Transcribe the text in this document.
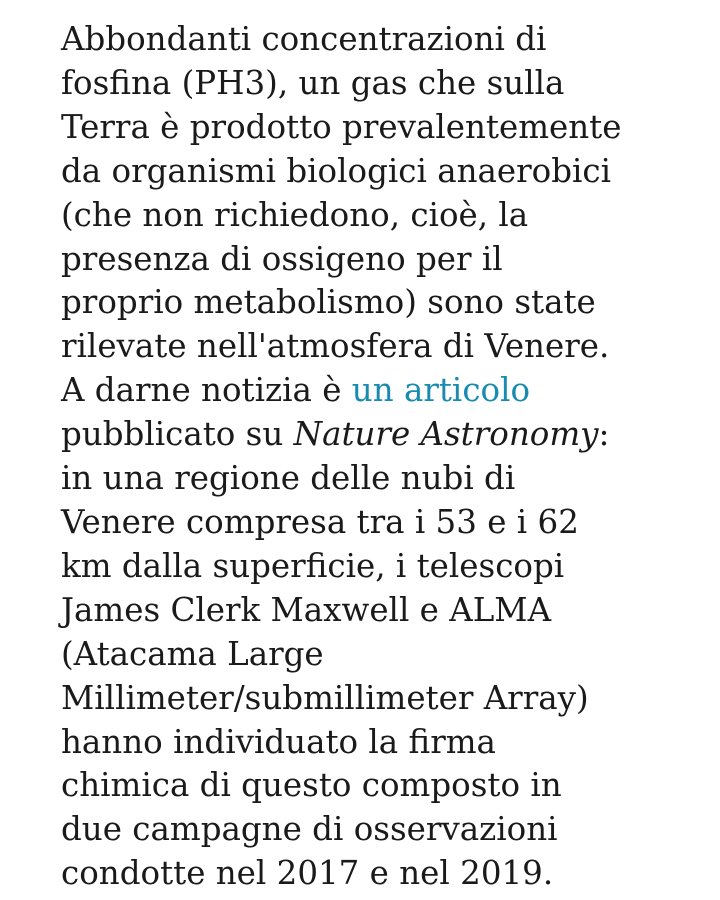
Abbondanti concentrazioni di
fosfina (PH3), un gas che sulla
Terra è prodotto prevalentemente
da organismi biologici anaerobici
(che non richiedono, cioè, la
presenza di ossigeno per il
proprio metabolismo) sono state
rilevate nell'atmosfera di Venere.
A darne notizia è un articolo
pubblicato su Nature Astronomy:
in una regione delle nubi di
Venere compresa tra i 53 e i 62
km dalla superficie, i telescopi
James Clerk Maxwell e ALMA
(Atacama Large
Millimeter/submillimeter Array)
hanno individuato la firma
chimica di questo composto in
due campagne di osservazioni
condotte nel 2017 e nel 2019.
